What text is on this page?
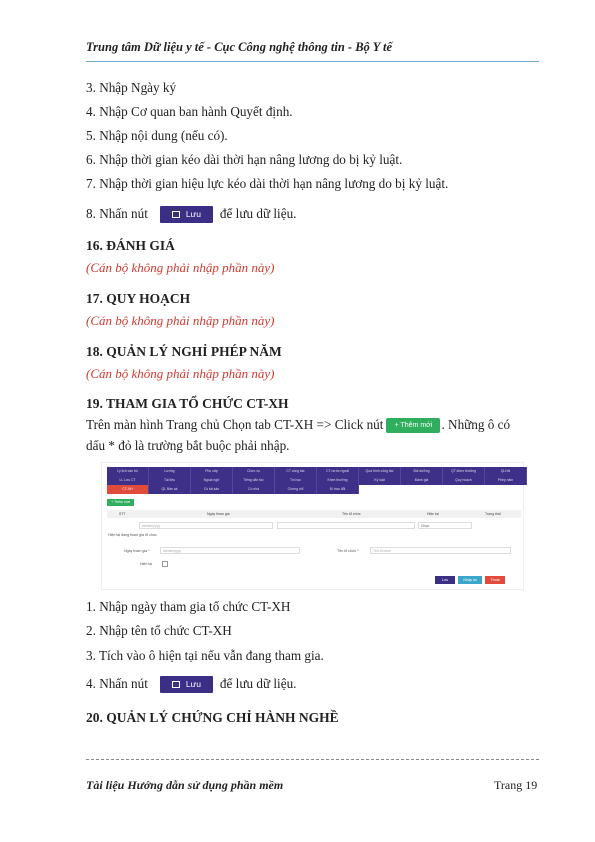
Trung tâm Dữ liệu y tế - Cục Công nghệ thông tin - Bộ Y tế
3. Nhập Ngày ký
4. Nhập Cơ quan ban hành Quyết định.
5. Nhập nội dung (nếu có).
6. Nhập thời gian kéo dài thời hạn nâng lương do bị kỷ luật.
7. Nhập thời gian hiệu lực kéo dài thời hạn nâng lương do bị kỷ luật.
8. Nhấn nút	Lưu để lưu dữ liệu.
16. ĐÁNH GIÁ
(Cán bộ không phải nhập phần này)
17. QUY HOẠCH
(Cán bộ không phải nhập phần này)
18. QUẢN LÝ NGHỈ PHÉP NĂM
(Cán bộ không phải nhập phần này)
19. THAM GIA TỔ CHỨC CT-XH
Trên màn hình Trang chủ Chọn tab CT-XH => Click nút + Thêm mới . Những ô có
dấu * đỏ là trường bắt buộc phải nhập.
Lý lịch cán bộ	Lương	Phụ cấp	Chức vụ	CT công tác	CT nước ngoài	Quá trình công tác	Bồi dưỡng	QT khen thưởng	QLNN
LL Lưu CT	Tài liệu	Ngoại ngữ	Tiếng dân tộc	Tin học	Khen thưởng	Kỷ luật	Đánh giá	Quy hoạch	Phép năm
CT-XH	QL Bản xá	Có tài sản	Có nhà	Chứng chỉ	Đi trao đổi
+ Thêm mới
STT	Ngày tham gia	Tên tổ chức	Hiện tại	Trạng thái
dd/mm/yyyy	Chọn
Hiện tại đang tham gia tổ chức
Ngày tham gia *	dd/mm/yyyy	Tên tổ chức *	Tên tổ chức
Hiện tại
Lưu	Nhập lại	Thoát
1. Nhập ngày tham gia tổ chức CT-XH
2. Nhập tên tổ chức CT-XH
3. Tích vào ô hiện tại nếu vẫn đang tham gia.
4. Nhấn nút	Lưu để lưu dữ liệu.
20. QUẢN LÝ CHỨNG CHỈ HÀNH NGHỀ
Tài liệu Hướng dẫn sử dụng phần mềm	Trang 19
